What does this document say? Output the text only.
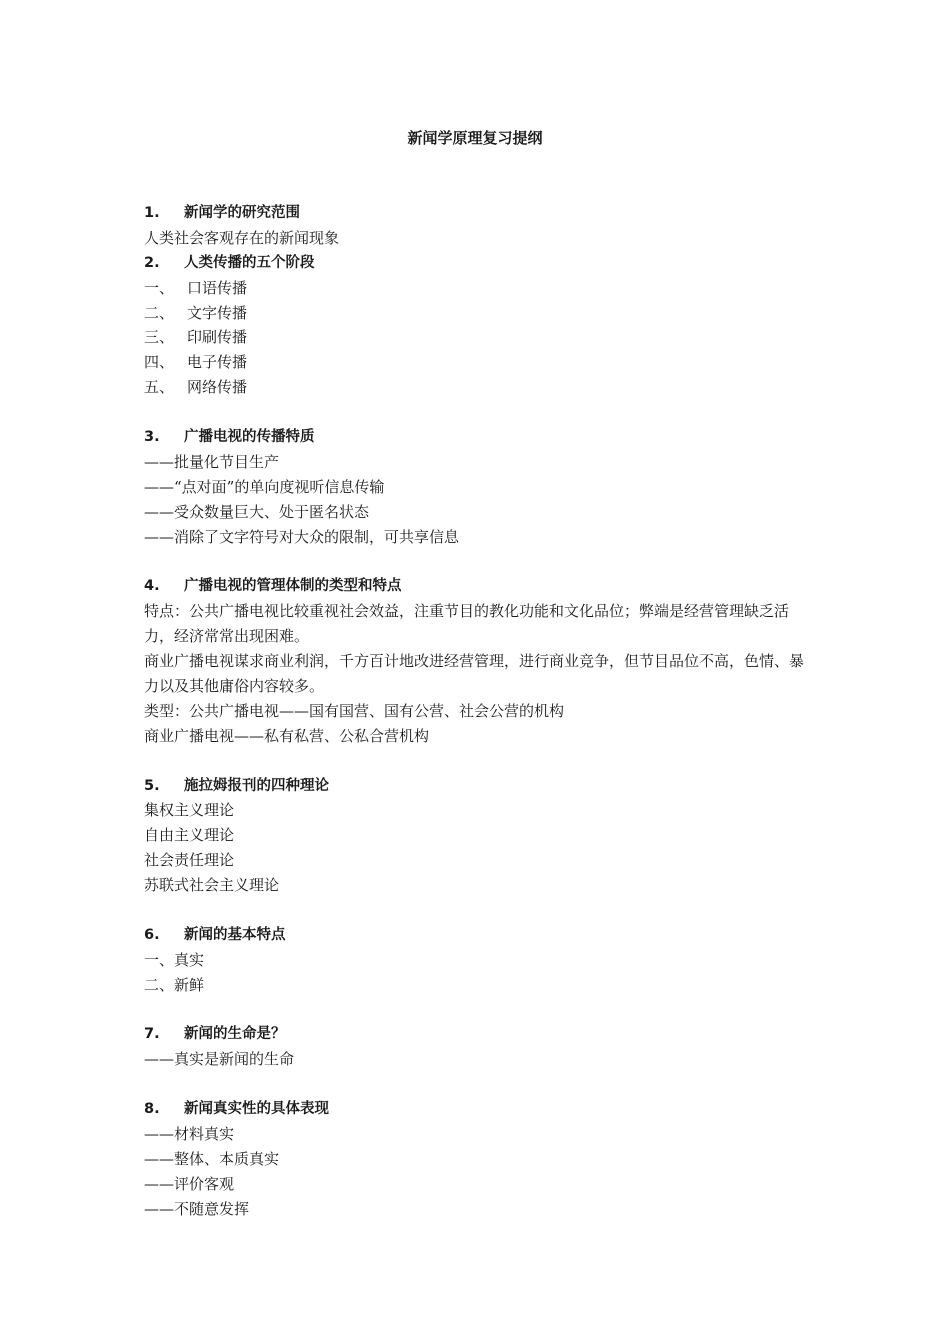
新闻学原理复习提纲
1. 新闻学的研究范围
人类社会客观存在的新闻现象
2. 人类传播的五个阶段
一、 口语传播
二、 文字传播
三、 印刷传播
四、 电子传播
五、 网络传播
3. 广播电视的传播特质
——批量化节目生产
——“点对面”的单向度视听信息传输
——受众数量巨大、处于匿名状态
——消除了文字符号对大众的限制，可共享信息
4. 广播电视的管理体制的类型和特点
特点：公共广播电视比较重视社会效益，注重节目的教化功能和文化品位；弊端是经营管理缺乏活力，经济常常出现困难。
商业广播电视谋求商业利润，千方百计地改进经营管理，进行商业竞争，但节目品位不高，色情、暴力以及其他庸俗内容较多。
类型：公共广播电视——国有国营、国有公营、社会公营的机构
商业广播电视——私有私营、公私合营机构
5. 施拉姆报刊的四种理论
集权主义理论
自由主义理论
社会责任理论
苏联式社会主义理论
6. 新闻的基本特点
一、真实
二、新鲜
7. 新闻的生命是？
——真实是新闻的生命
8. 新闻真实性的具体表现
——材料真实
——整体、本质真实
——评价客观
——不随意发挥
